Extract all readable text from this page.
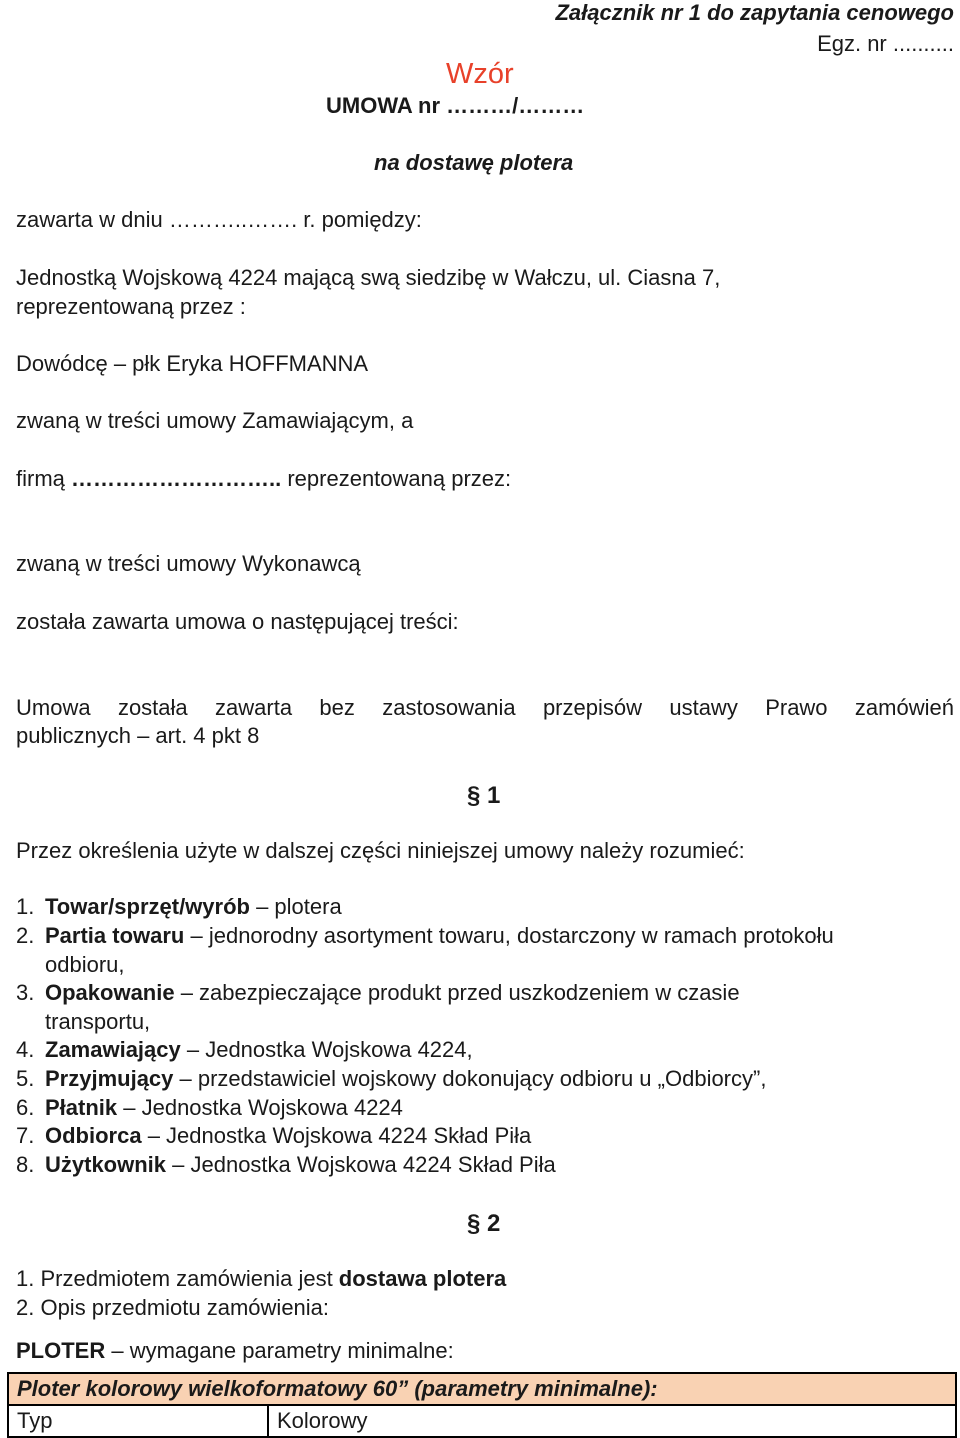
Załącznik nr 1 do zapytania cenowego
Egz. nr ..........
Wzór
UMOWA nr ………/………
na dostawę plotera
zawarta w dniu ………..……. r. pomiędzy:
Jednostką Wojskową 4224 mającą swą siedzibę w Wałczu, ul. Ciasna 7,
reprezentowaną przez :
Dowódcę – płk Eryka HOFFMANNA
zwaną w treści umowy Zamawiającym, a
firmą ……………………….. reprezentowaną przez:
zwaną w treści umowy Wykonawcą
została zawarta umowa o następującej treści:
Umowa została zawarta bez zastosowania przepisów ustawy Prawo zamówień
publicznych – art. 4 pkt 8
§ 1
Przez określenia użyte w dalszej części niniejszej umowy należy rozumieć:
1. Towar/sprzęt/wyrób – plotera
2. Partia towaru – jednorodny asortyment towaru, dostarczony w ramach protokołu
odbioru,
3. Opakowanie – zabezpieczające produkt przed uszkodzeniem w czasie
transportu,
4. Zamawiający – Jednostka Wojskowa 4224,
5. Przyjmujący – przedstawiciel wojskowy dokonujący odbioru u „Odbiorcy”,
6. Płatnik – Jednostka Wojskowa 4224
7. Odbiorca – Jednostka Wojskowa 4224 Skład Piła
8. Użytkownik – Jednostka Wojskowa 4224 Skład Piła
§ 2
1. Przedmiotem zamówienia jest dostawa plotera
2. Opis przedmiotu zamówienia:
PLOTER – wymagane parametry minimalne:
Ploter kolorowy wielkoformatowy 60” (parametry minimalne):
Typ	Kolorowy
